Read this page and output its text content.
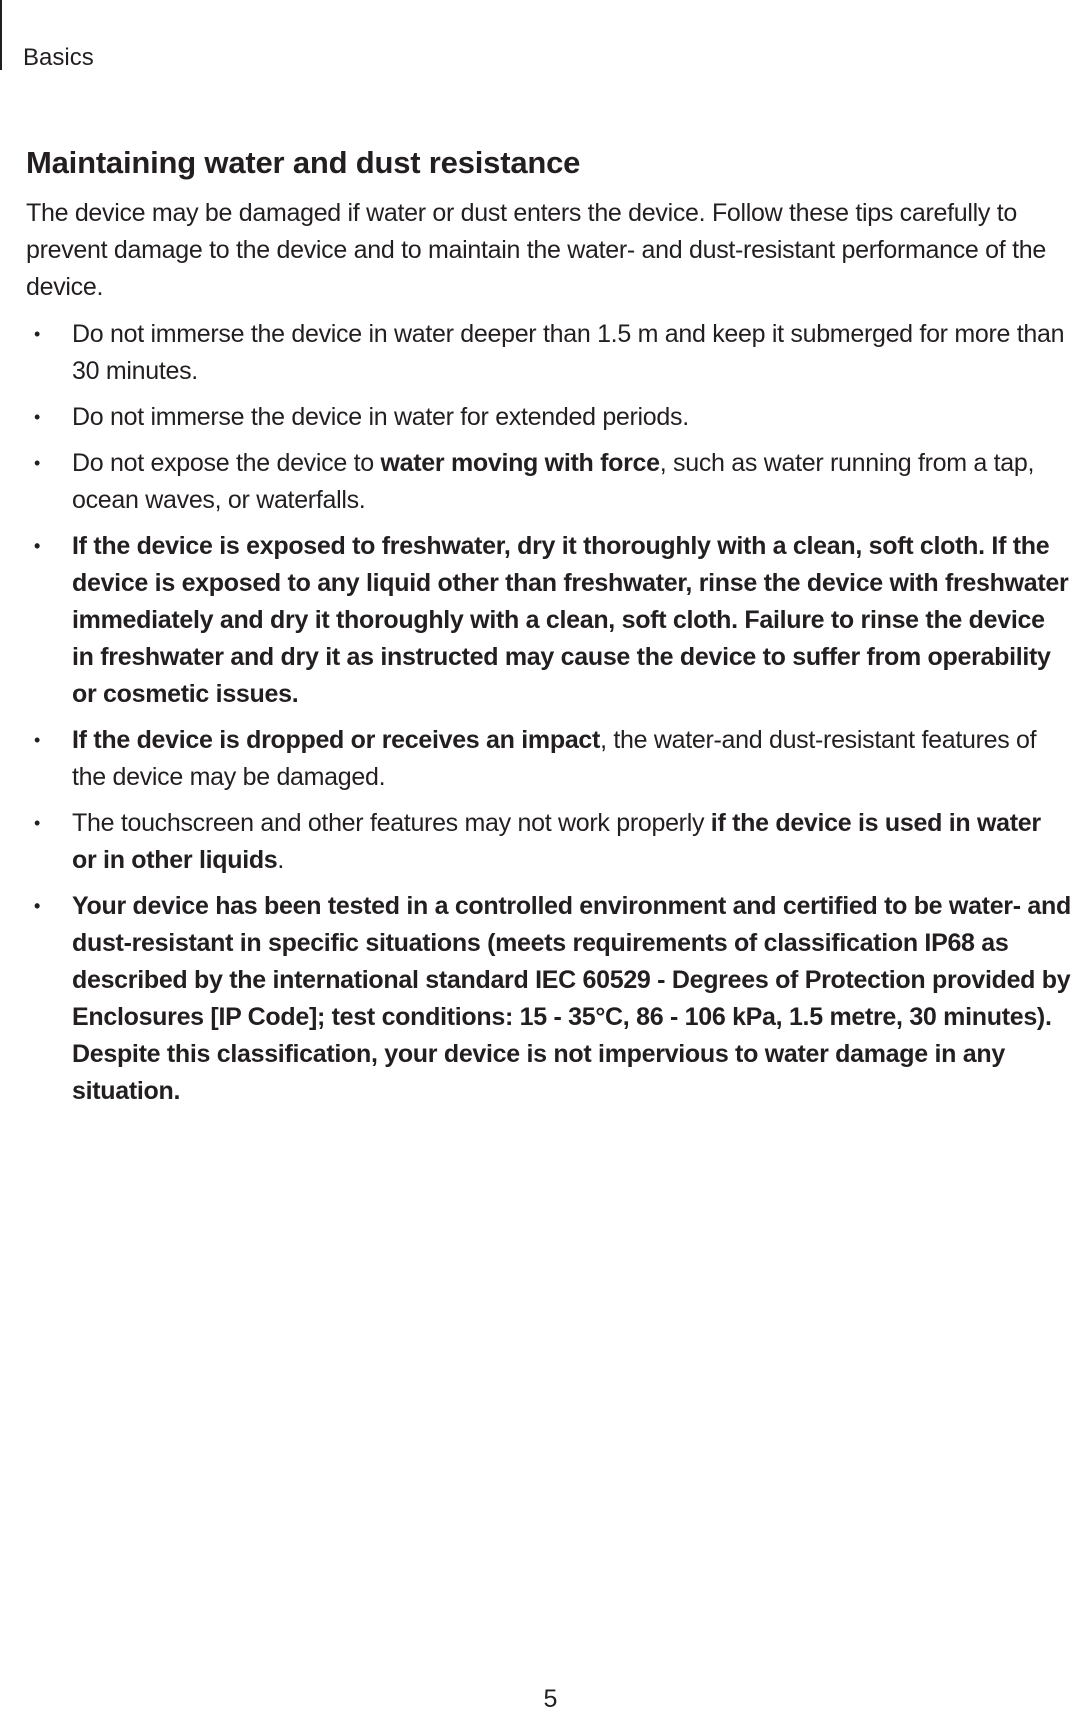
Basics
Maintaining water and dust resistance

The device may be damaged if water or dust enters the device. Follow these tips carefully to prevent damage to the device and to maintain the water- and dust-resistant performance of the device.

• Do not immerse the device in water deeper than 1.5 m and keep it submerged for more than 30 minutes.
• Do not immerse the device in water for extended periods.
• Do not expose the device to water moving with force, such as water running from a tap, ocean waves, or waterfalls.
• If the device is exposed to freshwater, dry it thoroughly with a clean, soft cloth. If the device is exposed to any liquid other than freshwater, rinse the device with freshwater immediately and dry it thoroughly with a clean, soft cloth. Failure to rinse the device in freshwater and dry it as instructed may cause the device to suffer from operability or cosmetic issues.
• If the device is dropped or receives an impact, the water-and dust-resistant features of the device may be damaged.
• The touchscreen and other features may not work properly if the device is used in water or in other liquids.
• Your device has been tested in a controlled environment and certified to be water- and dust-resistant in specific situations (meets requirements of classification IP68 as described by the international standard IEC 60529 - Degrees of Protection provided by Enclosures [IP Code]; test conditions: 15 - 35°C, 86 - 106 kPa, 1.5 metre, 30 minutes). Despite this classification, your device is not impervious to water damage in any situation.
5
